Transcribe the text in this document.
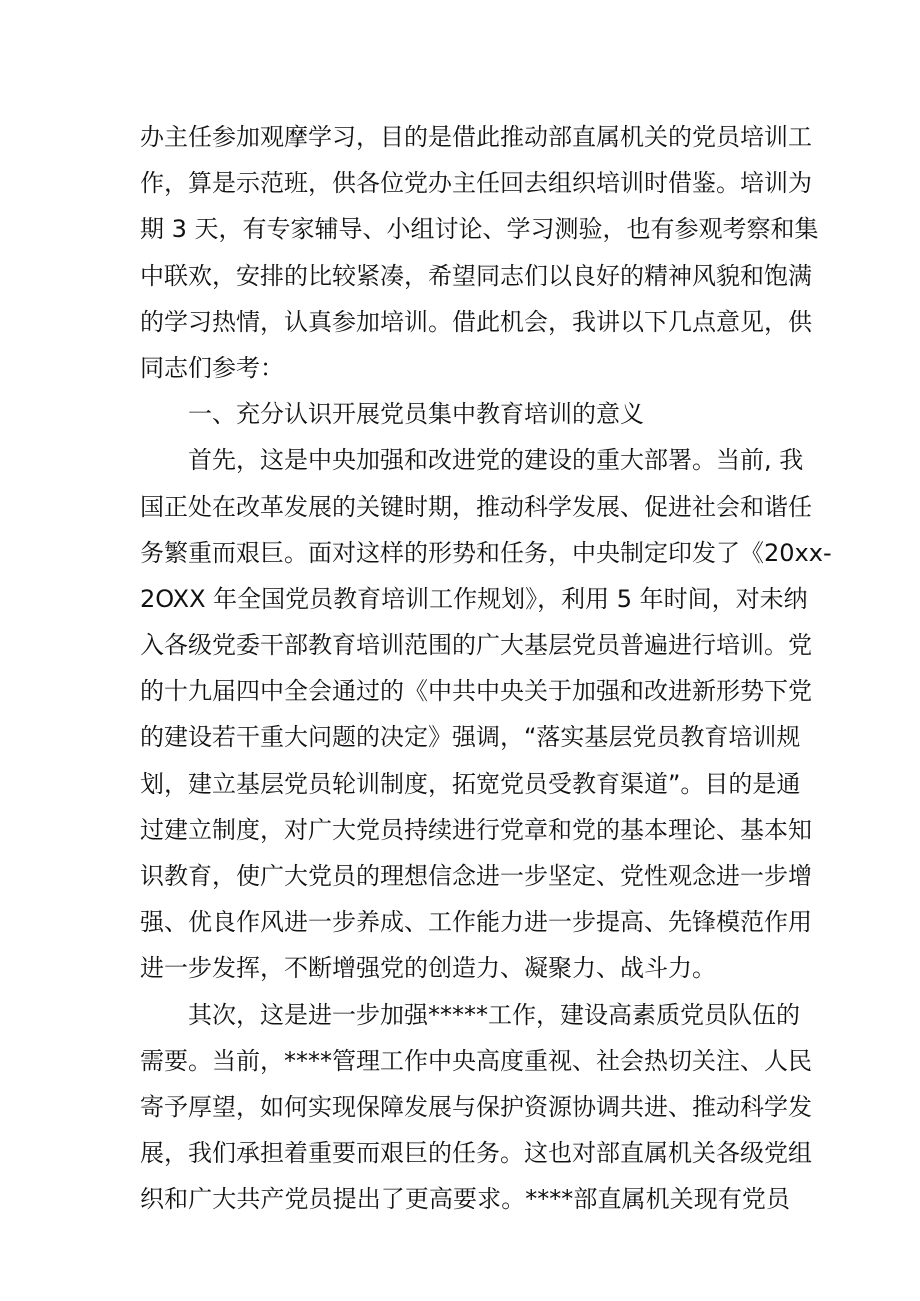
办主任参加观摩学习，目的是借此推动部直属机关的党员培训工
作，算是示范班，供各位党办主任回去组织培训时借鉴。培训为
期 3 天，有专家辅导、小组讨论、学习测验，也有参观考察和集
中联欢，安排的比较紧凑，希望同志们以良好的精神风貌和饱满
的学习热情，认真参加培训。借此机会，我讲以下几点意见，供
同志们参考：
一、充分认识开展党员集中教育培训的意义
首先，这是中央加强和改进党的建设的重大部署。当前, 我
国正处在改革发展的关键时期，推动科学发展、促进社会和谐任
务繁重而艰巨。面对这样的形势和任务，中央制定印发了《20xx-
2OXX 年全国党员教育培训工作规划》，利用 5 年时间，对未纳
入各级党委干部教育培训范围的广大基层党员普遍进行培训。党
的十九届四中全会通过的《中共中央关于加强和改进新形势下党
的建设若干重大问题的决定》强调，“落实基层党员教育培训规
划，建立基层党员轮训制度，拓宽党员受教育渠道”。目的是通
过建立制度，对广大党员持续进行党章和党的基本理论、基本知
识教育，使广大党员的理想信念进一步坚定、党性观念进一步增
强、优良作风进一步养成、工作能力进一步提高、先锋模范作用
进一步发挥，不断增强党的创造力、凝聚力、战斗力。
其次，这是进一步加强*****工作，建设高素质党员队伍的
需要。当前，****管理工作中央高度重视、社会热切关注、人民
寄予厚望，如何实现保障发展与保护资源协调共进、推动科学发
展，我们承担着重要而艰巨的任务。这也对部直属机关各级党组
织和广大共产党员提出了更高要求。****部直属机关现有党员
